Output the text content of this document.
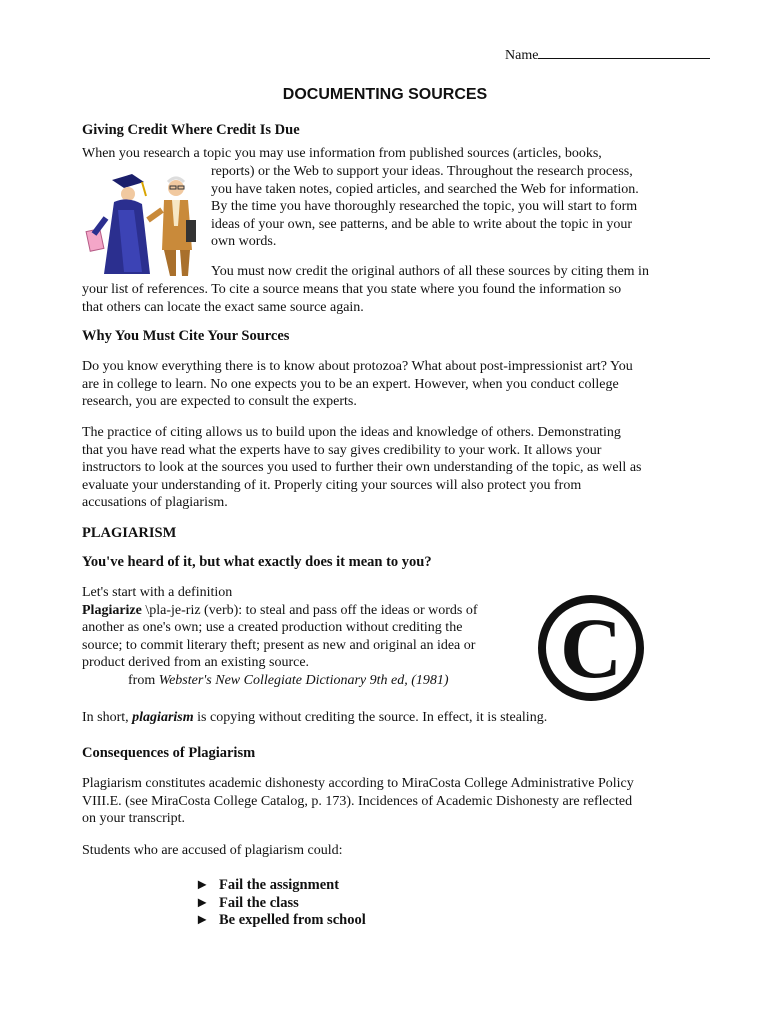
Name
DOCUMENTING SOURCES
Giving Credit Where Credit Is Due
When you research a topic you may use information from published sources (articles, books,
reports) or the Web to support your ideas. Throughout the research process,
you have taken notes, copied articles, and searched the Web for information.
By the time you have thoroughly researched the topic, you will start to form
ideas of your own, see patterns, and be able to write about the topic in your
own words.
You must now credit the original authors of all these sources by citing them in
your list of references. To cite a source means that you state where you found the information so
that others can locate the exact same source again.
Why You Must Cite Your Sources
Do you know everything there is to know about protozoa? What about post-impressionist art? You
are in college to learn. No one expects you to be an expert. However, when you conduct college
research, you are expected to consult the experts.
The practice of citing allows us to build upon the ideas and knowledge of others. Demonstrating
that you have read what the experts have to say gives credibility to your work. It allows your
instructors to look at the sources you used to further their own understanding of the topic, as well as
evaluate your understanding of it. Properly citing your sources will also protect you from
accusations of plagiarism.
PLAGIARISM
You've heard of it, but what exactly does it mean to you?
Let's start with a definition
Plagiarize \pla-je-riz (verb): to steal and pass off the ideas or words of
another as one's own; use a created production without crediting the
source; to commit literary theft; present as new and original an idea or
product derived from an existing source.
from Webster's New Collegiate Dictionary 9th ed, (1981)	C
In short, plagiarism is copying without crediting the source. In effect, it is stealing.
Consequences of Plagiarism
Plagiarism constitutes academic dishonesty according to MiraCosta College Administrative Policy
VIII.E. (see MiraCosta College Catalog, p. 173). Incidences of Academic Dishonesty are reflected
on your transcript.
Students who are accused of plagiarism could:
► Fail the assignment
► Fail the class
► Be expelled from school
